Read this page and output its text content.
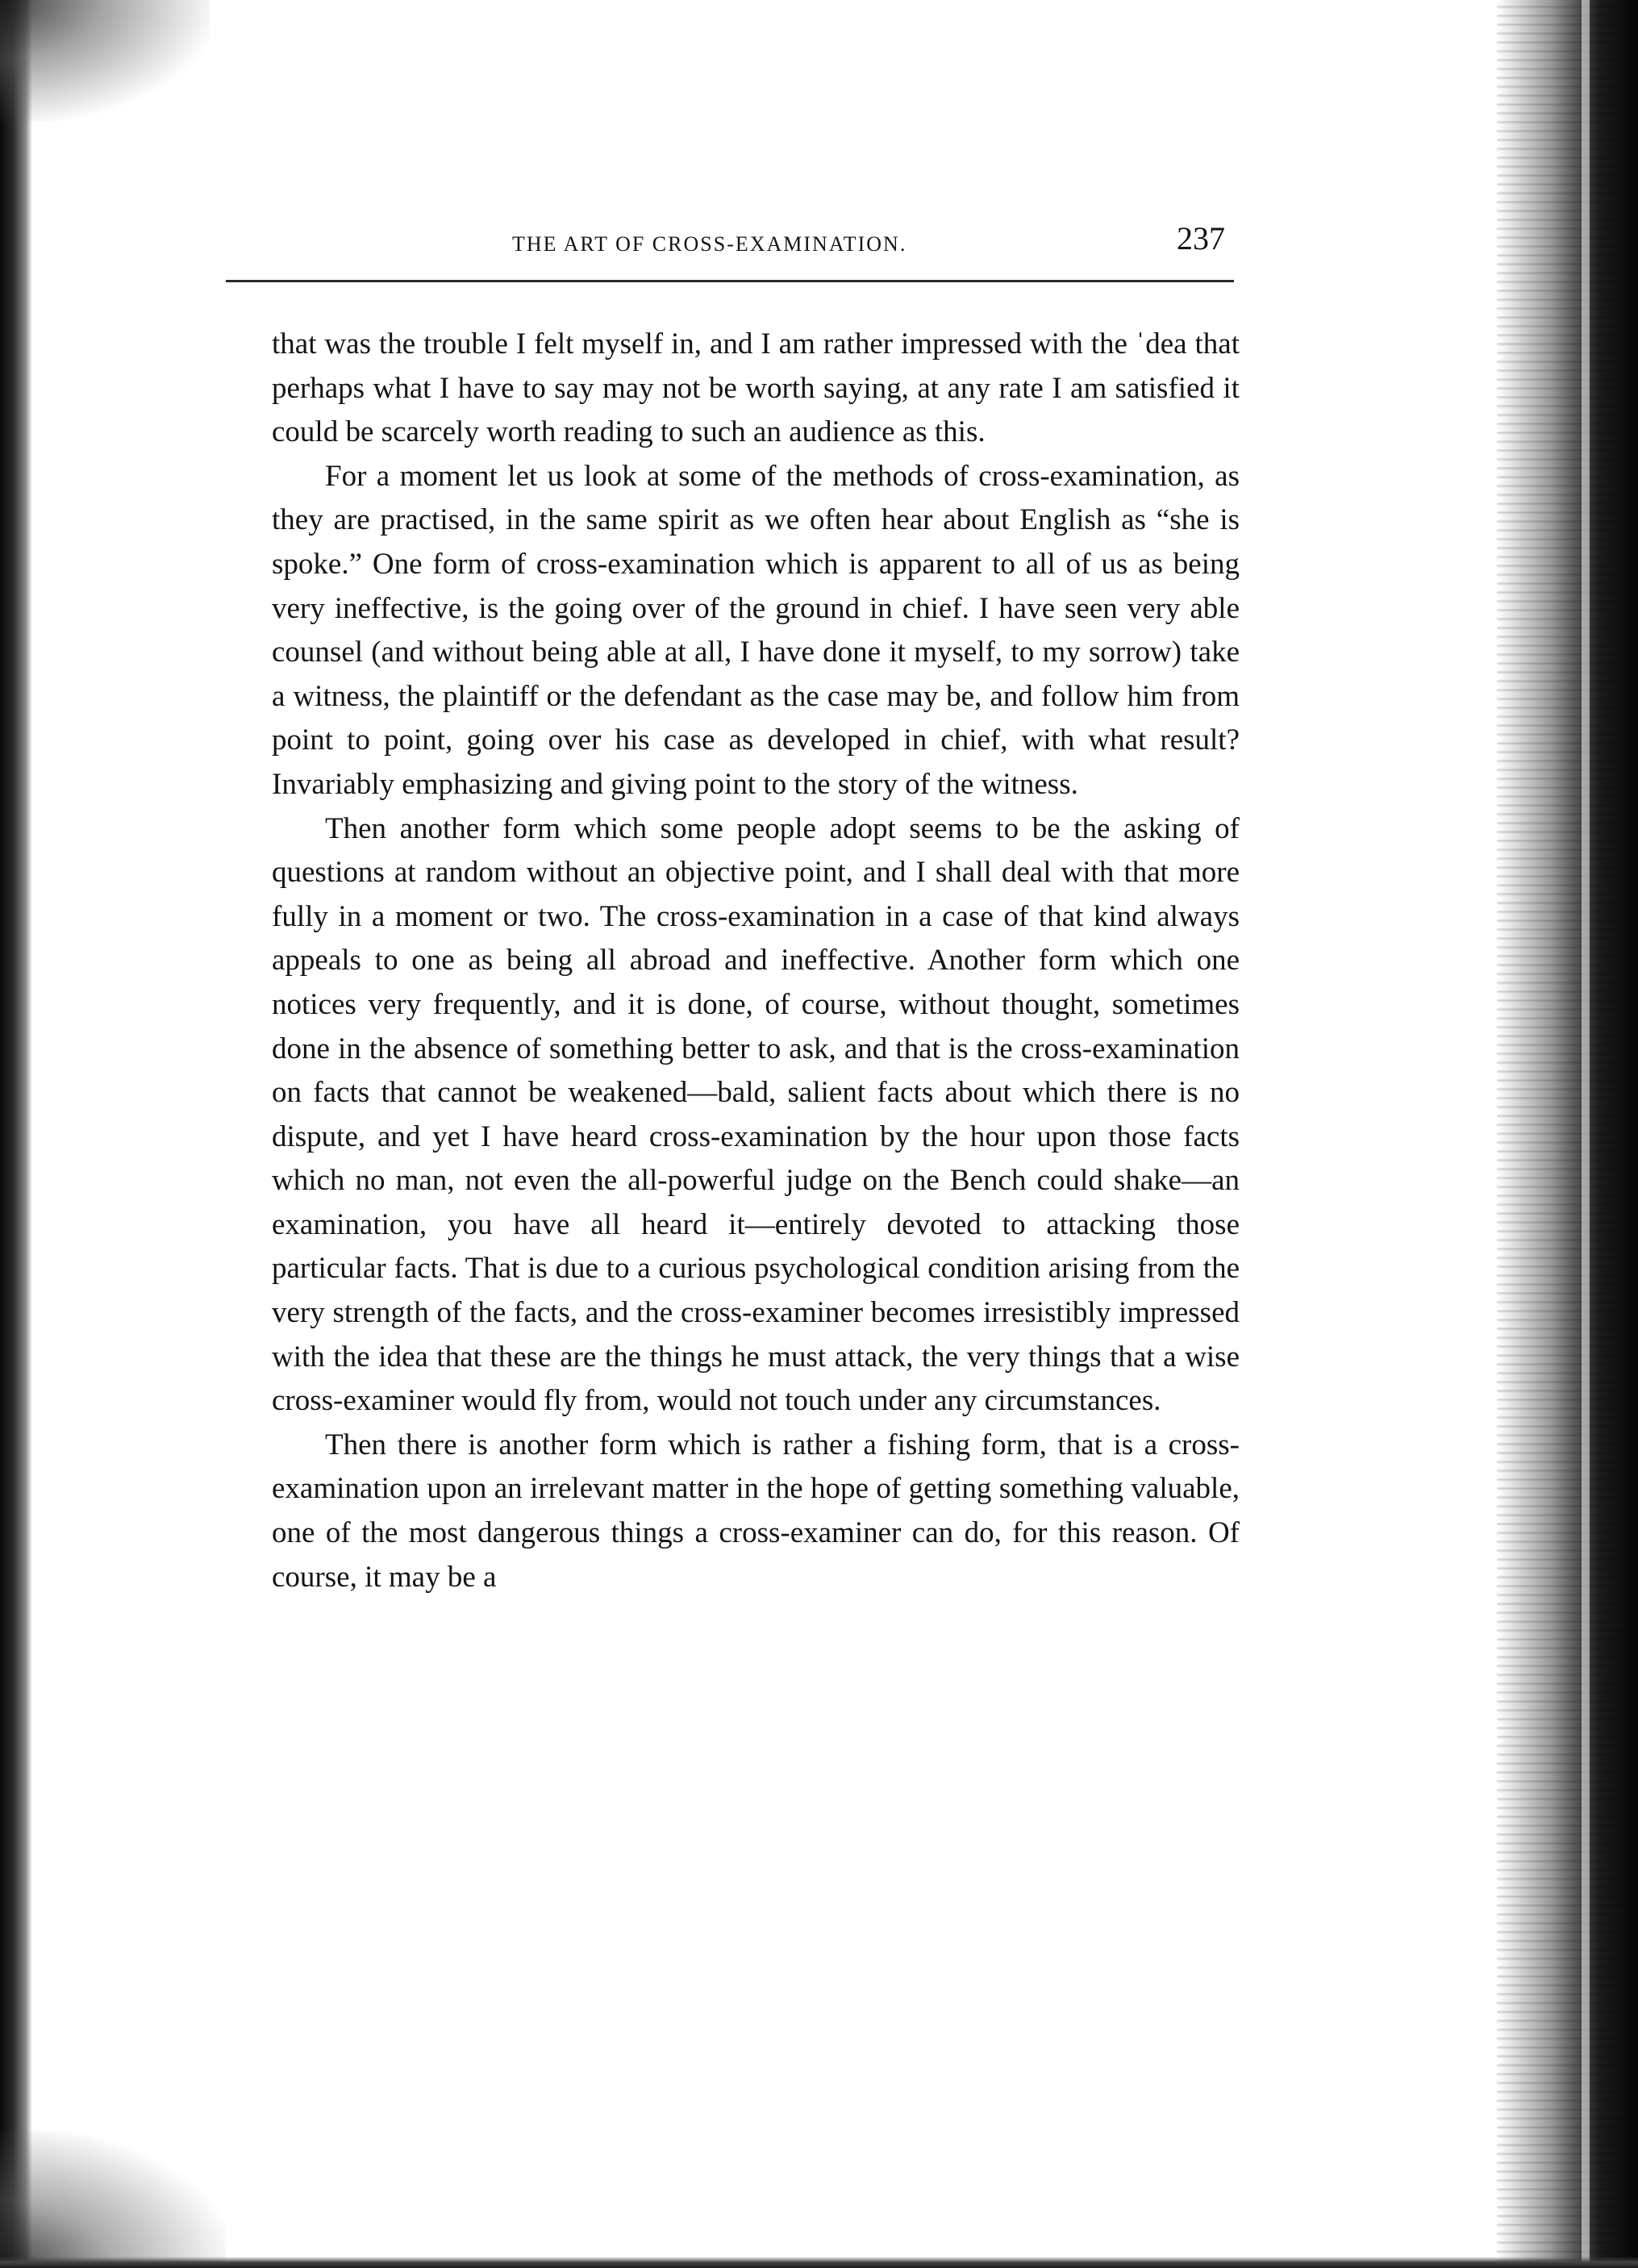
THE ART OF CROSS-EXAMINATION.	237

that was the trouble I felt myself in, and I am rather impressed with the ˈdea that perhaps what I have to say may not be worth saying, at any rate I am satisfied it could be scarcely worth reading to such an audience as this.

For a moment let us look at some of the methods of cross-examination, as they are practised, in the same spirit as we often hear about English as “she is spoke.” One form of cross-examination which is apparent to all of us as being very ineffective, is the going over of the ground in chief. I have seen very able counsel (and without being able at all, I have done it myself, to my sorrow) take a witness, the plaintiff or the defendant as the case may be, and follow him from point to point, going over his case as developed in chief, with what result? Invariably emphasizing and giving point to the story of the witness.

Then another form which some people adopt seems to be the asking of questions at random without an objective point, and I shall deal with that more fully in a moment or two. The cross-examination in a case of that kind always appeals to one as being all abroad and ineffective. Another form which one notices very frequently, and it is done, of course, without thought, sometimes done in the absence of something better to ask, and that is the cross-examination on facts that cannot be weakened—bald, salient facts about which there is no dispute, and yet I have heard cross-examination by the hour upon those facts which no man, not even the all-powerful judge on the Bench could shake—an examination, you have all heard it—entirely devoted to attacking those particular facts. That is due to a curious psychological condition arising from the very strength of the facts, and the cross-examiner becomes irresistibly impressed with the idea that these are the things he must attack, the very things that a wise cross-examiner would fly from, would not touch under any circumstances.

Then there is another form which is rather a fishing form, that is a cross-examination upon an irrelevant matter in the hope of getting something valuable, one of the most dangerous things a cross-examiner can do, for this reason. Of course, it may be a
